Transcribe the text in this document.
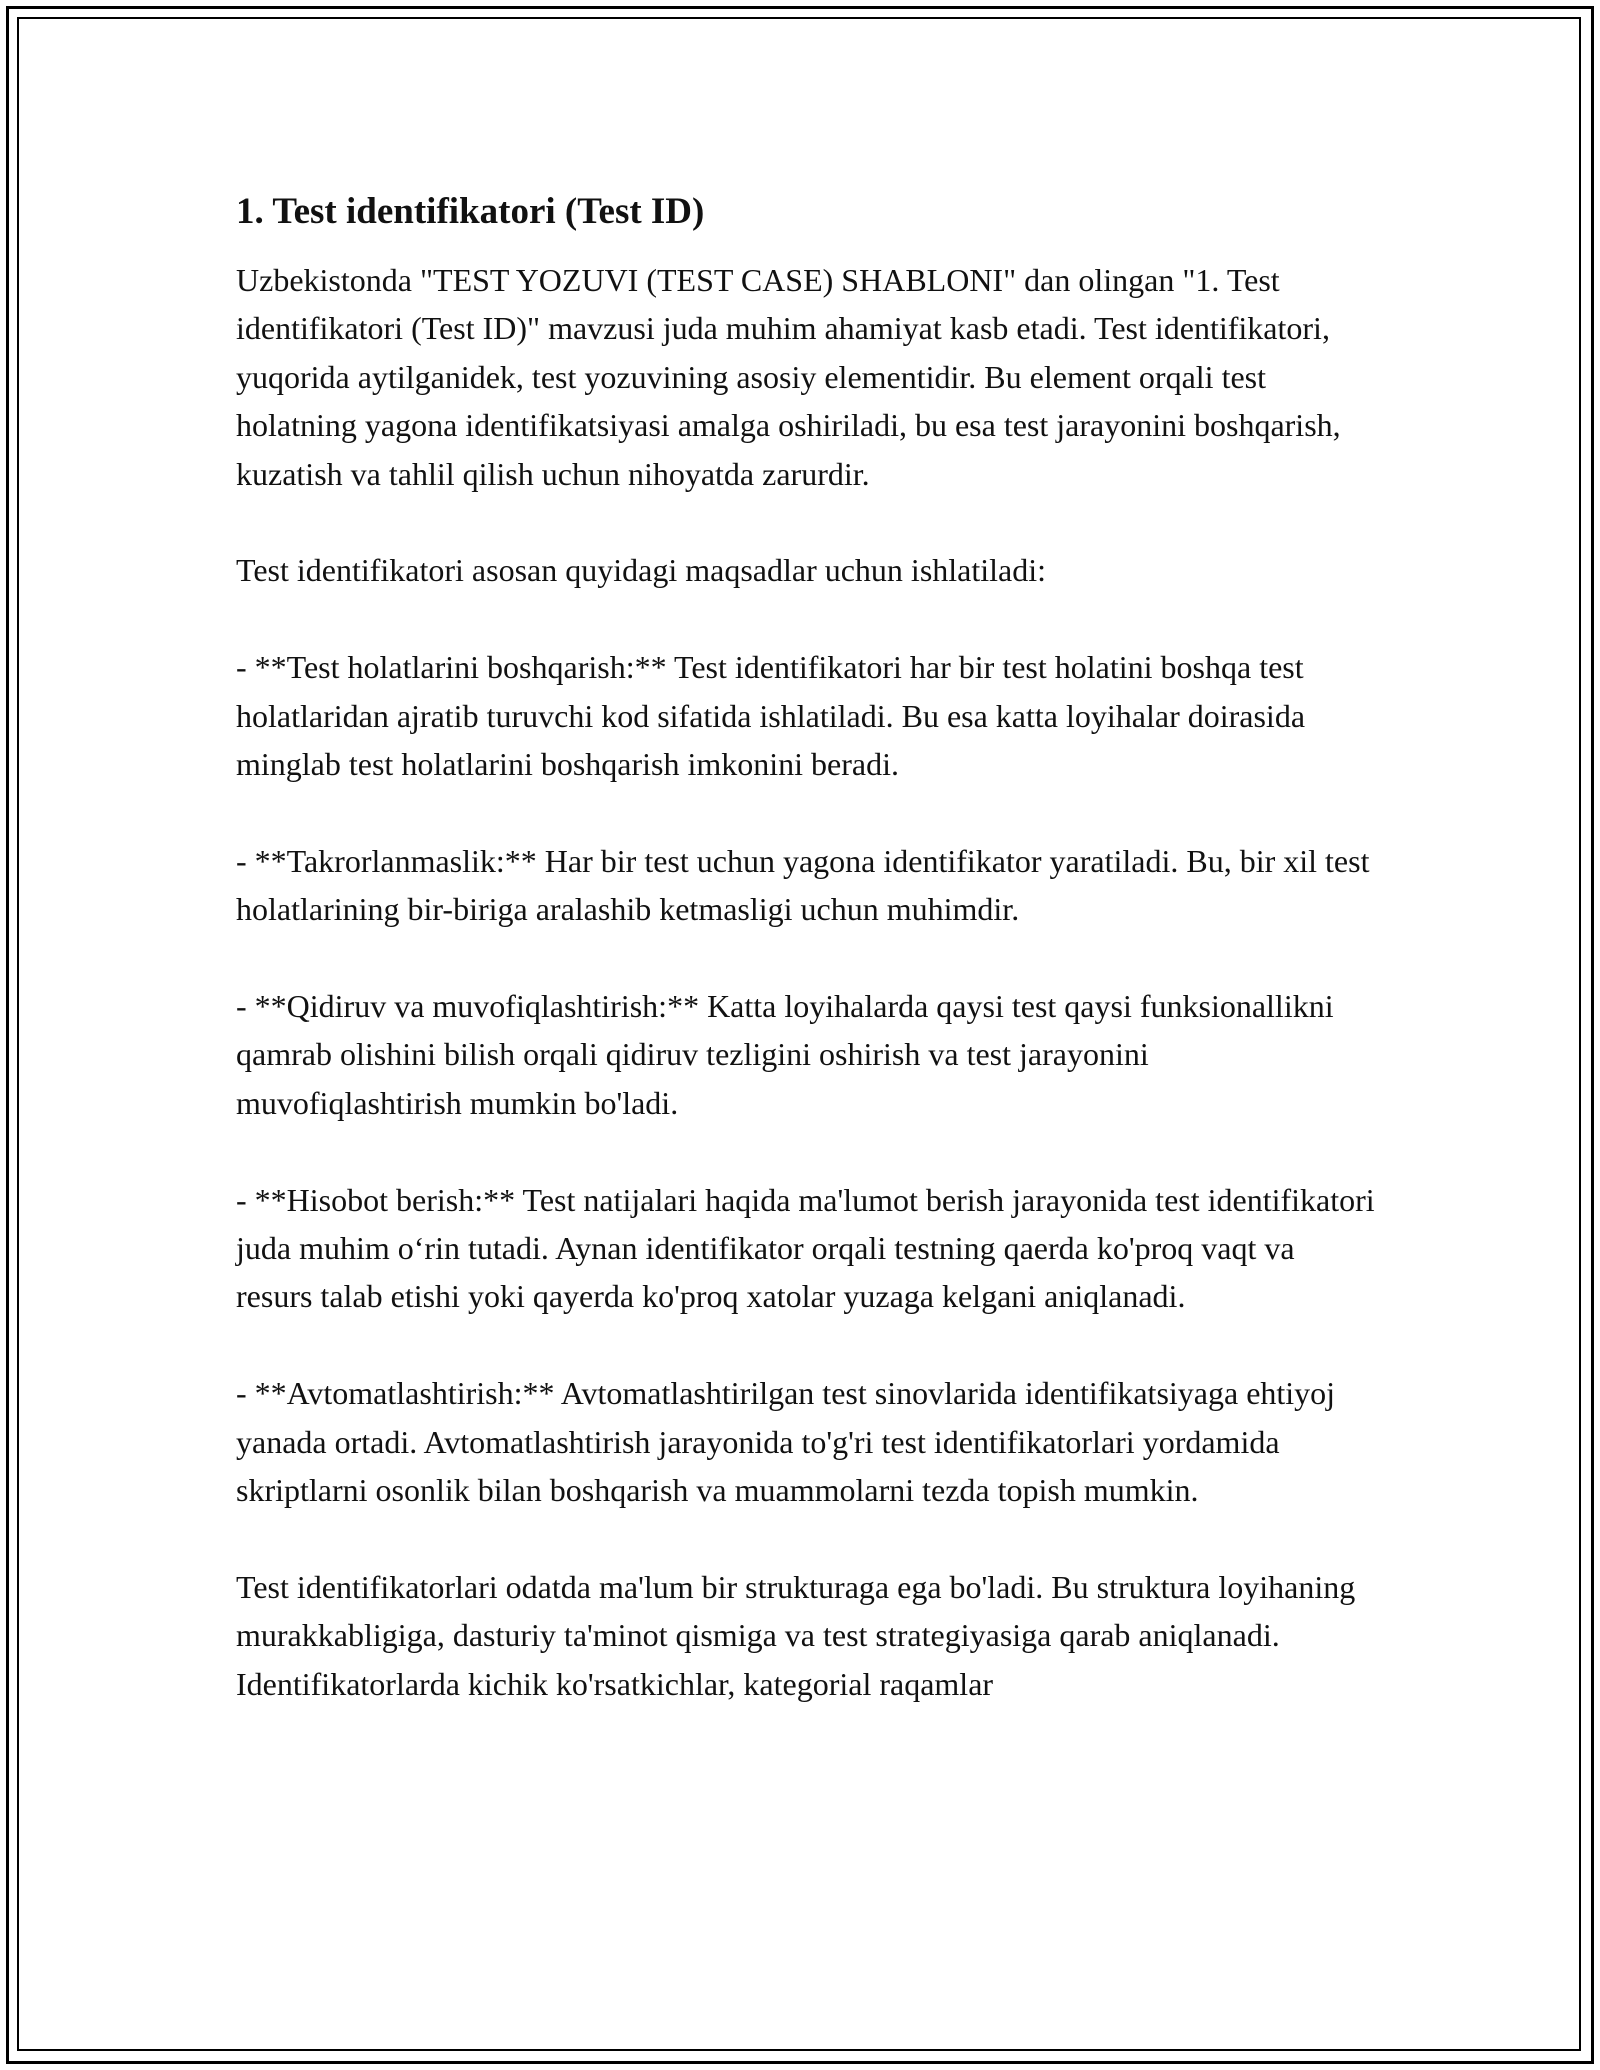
1. Test identifikatori (Test ID)

Uzbekistonda "TEST YOZUVI (TEST CASE) SHABLONI" dan olingan "1. Test identifikatori (Test ID)" mavzusi juda muhim ahamiyat kasb etadi. Test identifikatori, yuqorida aytilganidek, test yozuvining asosiy elementidir. Bu element orqali test holatning yagona identifikatsiyasi amalga oshiriladi, bu esa test jarayonini boshqarish, kuzatish va tahlil qilish uchun nihoyatda zarurdir.

Test identifikatori asosan quyidagi maqsadlar uchun ishlatiladi:

- **Test holatlarini boshqarish:** Test identifikatori har bir test holatini boshqa test holatlaridan ajratib turuvchi kod sifatida ishlatiladi. Bu esa katta loyihalar doirasida minglab test holatlarini boshqarish imkonini beradi.

- **Takrorlanmaslik:** Har bir test uchun yagona identifikator yaratiladi. Bu, bir xil test holatlarining bir-biriga aralashib ketmasligi uchun muhimdir.

- **Qidiruv va muvofiqlashtirish:** Katta loyihalarda qaysi test qaysi funksionallikni qamrab olishini bilish orqali qidiruv tezligini oshirish va test jarayonini muvofiqlashtirish mumkin bo'ladi.

- **Hisobot berish:** Test natijalari haqida ma'lumot berish jarayonida test identifikatori juda muhim o‘rin tutadi. Aynan identifikator orqali testning qaerda ko'proq vaqt va resurs talab etishi yoki qayerda ko'proq xatolar yuzaga kelgani aniqlanadi.

- **Avtomatlashtirish:** Avtomatlashtirilgan test sinovlarida identifikatsiyaga ehtiyoj yanada ortadi. Avtomatlashtirish jarayonida to'g'ri test identifikatorlari yordamida skriptlarni osonlik bilan boshqarish va muammolarni tezda topish mumkin.

Test identifikatorlari odatda ma'lum bir strukturaga ega bo'ladi. Bu struktura loyihaning murakkabligiga, dasturiy ta'minot qismiga va test strategiyasiga qarab aniqlanadi. Identifikatorlarda kichik ko'rsatkichlar, kategorial raqamlar
